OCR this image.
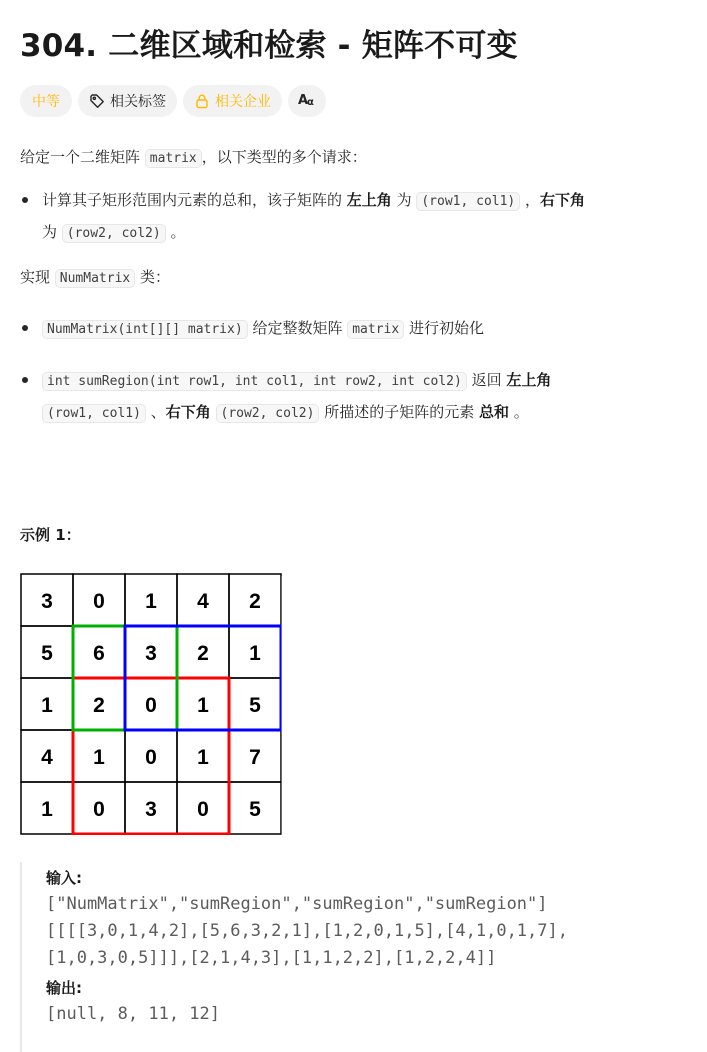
304. 二维区域和检索 - 矩阵不可变
中等	相关标签	相关企业 A
α

给定一个二维矩阵 matrix ，以下类型的多个请求：

计算其子矩形范围内元素的总和，该子矩阵的 左上角 为 (row1, col1) ，右下角
为 (row2, col2) 。

实现 NumMatrix 类：

NumMatrix(int[][] matrix) 给定整数矩阵 matrix 进行初始化
int sumRegion(int row1, int col1, int row2, int col2) 返回 左上角
(row1, col1) 、右下角 (row2, col2) 所描述的子矩阵的元素 总和 。
示例 1：
3 0 1 4 2
5 6 3 2 1
1 2 0 1 5
4 1 0 1 7
1 0 3 0 5
输入:
["NumMatrix","sumRegion","sumRegion","sumRegion"]
[[[[3,0,1,4,2],[5,6,3,2,1],[1,2,0,1,5],[4,1,0,1,7],
[1,0,3,0,5]]],[2,1,4,3],[1,1,2,2],[1,2,2,4]]
输出:
[null, 8, 11, 12]
